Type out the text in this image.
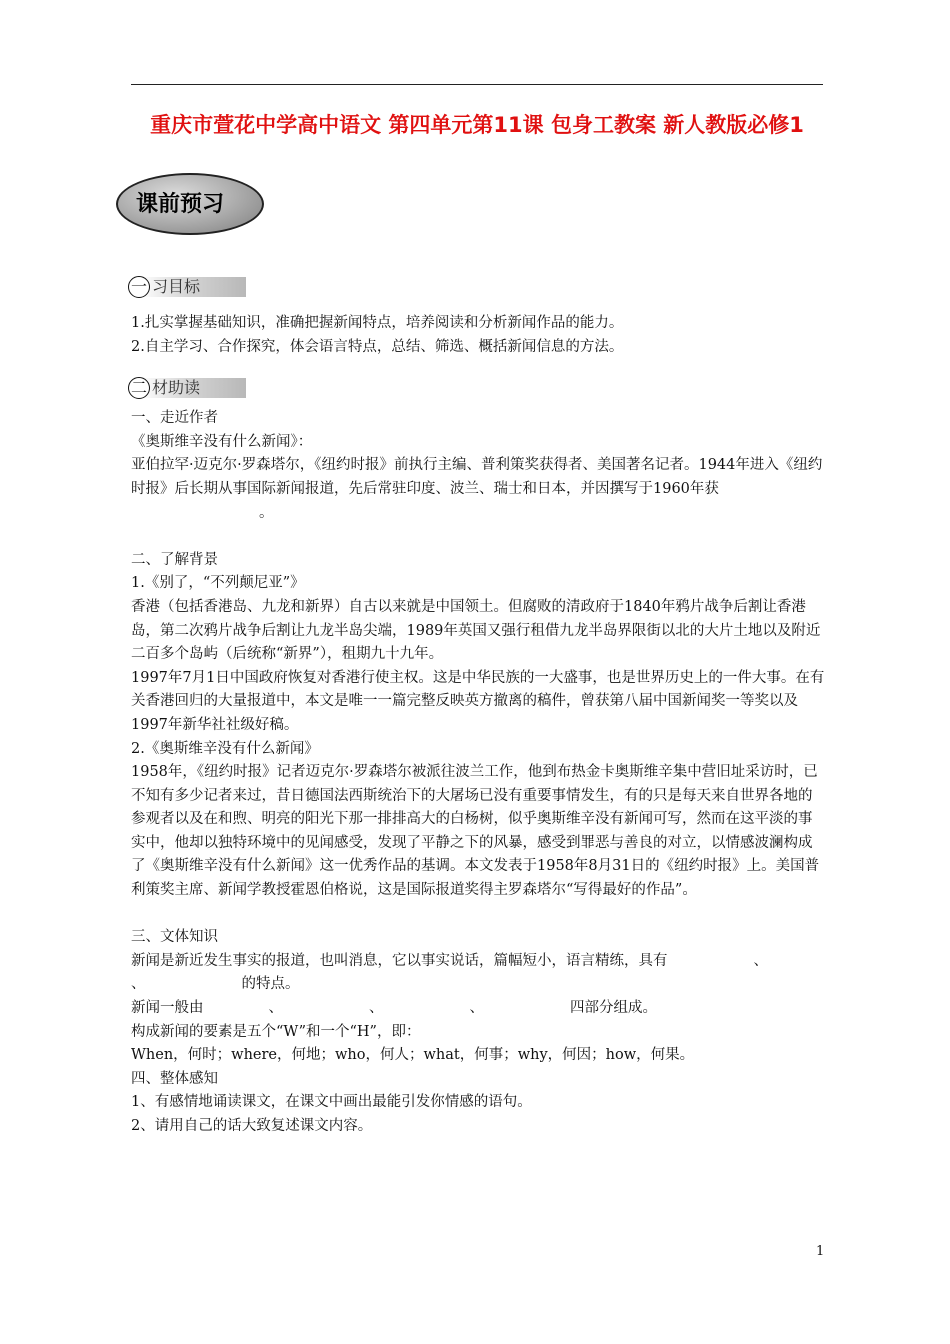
重庆市萱花中学高中语文 第四单元第11课 包身工教案 新人教版必修1
课前预习
一 习目标
二 材助读

1.扎实掌握基础知识，准确把握新闻特点，培养阅读和分析新闻作品的能力。

2.自主学习、合作探究，体会语言特点，总结、筛选、概括新闻信息的方法。

一、走近作者

《奥斯维辛没有什么新闻》：

亚伯拉罕·迈克尔·罗森塔尔，《纽约时报》前执行主编、普利策奖获得者、美国著名记者。1944年进入《纽约时报》后长期从事国际新闻报道，先后常驻印度、波兰、瑞士和日本，并因撰写于1960年获。

二、了解背景

1.《别了，“不列颠尼亚”》

香港（包括香港岛、九龙和新界）自古以来就是中国领土。但腐败的清政府于1840年鸦片战争后割让香港岛，第二次鸦片战争后割让九龙半岛尖端，1989年英国又强行租借九龙半岛界限街以北的大片土地以及附近二百多个岛屿（后统称“新界”），租期九十九年。

1997年7月1日中国政府恢复对香港行使主权。这是中华民族的一大盛事，也是世界历史上的一件大事。在有关香港回归的大量报道中，本文是唯一一篇完整反映英方撤离的稿件，曾获第八届中国新闻奖一等奖以及1997年新华社社级好稿。

2.《奥斯维辛没有什么新闻》

1958年，《纽约时报》记者迈克尔·罗森塔尔被派往波兰工作，他到布热金卡奥斯维辛集中营旧址采访时，已不知有多少记者来过，昔日德国法西斯统治下的大屠场已没有重要事情发生，有的只是每天来自世界各地的参观者以及在和煦、明亮的阳光下那一排排高大的白杨树，似乎奥斯维辛没有新闻可写，然而在这平淡的事实中，他却以独特环境中的见闻感受，发现了平静之下的风暴，感受到罪恶与善良的对立，以情感波澜构成了《奥斯维辛没有什么新闻》这一优秀作品的基调。本文发表于1958年8月31日的《纽约时报》上。美国普利策奖主席、新闻学教授霍恩伯格说，这是国际报道奖得主罗森塔尔“写得最好的作品”。

三、文体知识

新闻是新近发生事实的报道，也叫消息，它以事实说话，篇幅短小，语言精练，具有	、

、	的特点。

新闻一般由	、	、	、	四部分组成。

构成新闻的要素是五个“W”和一个“H”，即：

When，何时；where，何地；who，何人；what，何事；why，何因；how，何果。

四、整体感知

1、有感情地诵读课文，在课文中画出最能引发你情感的语句。

2、请用自己的话大致复述课文内容。

1
